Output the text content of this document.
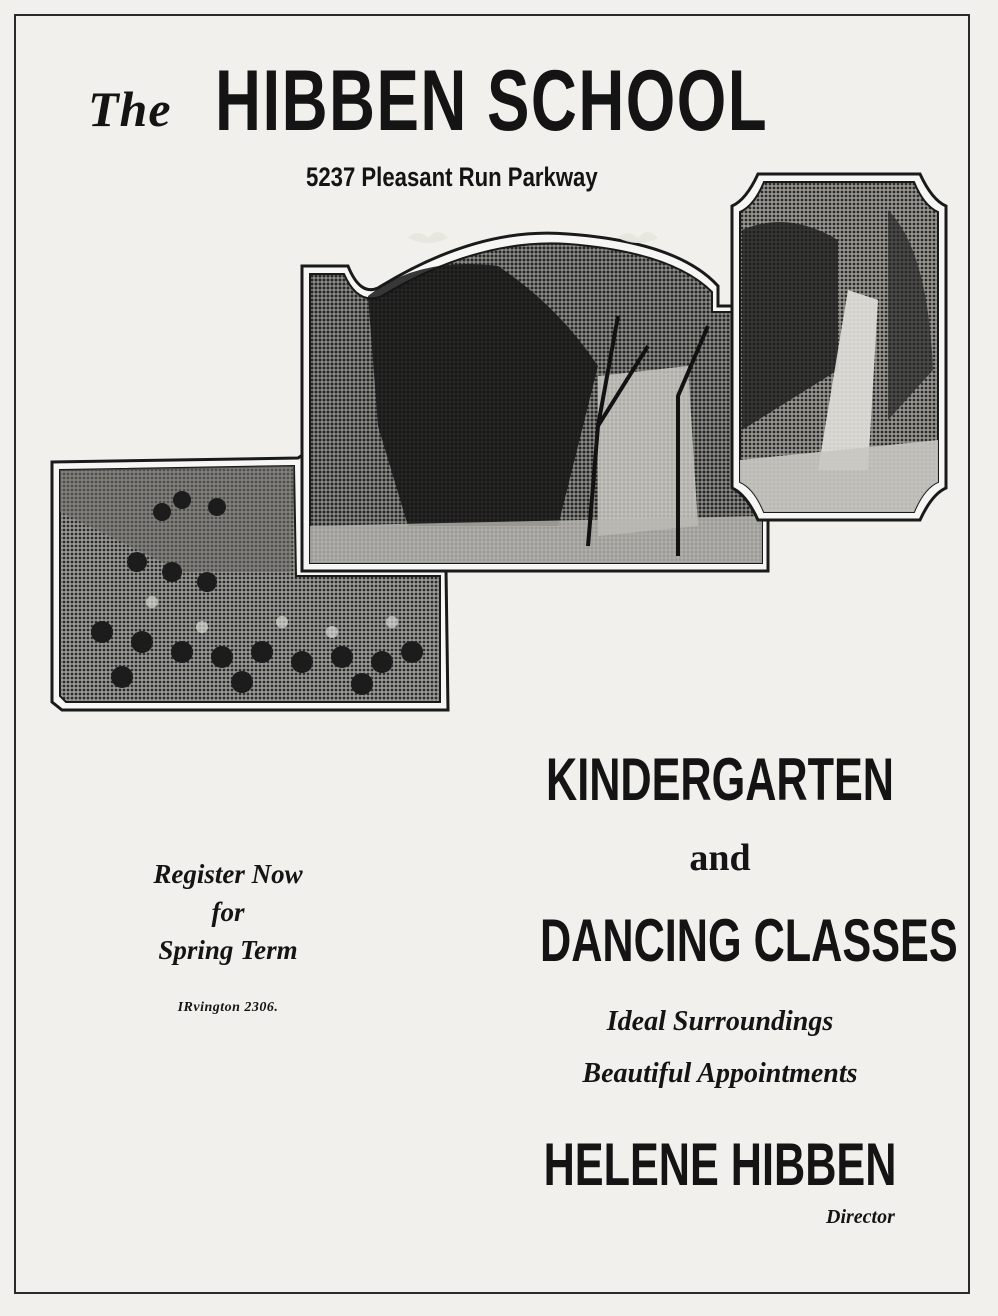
The HIBBEN SCHOOL
5237 Pleasant Run Parkway
Register Now
for
Spring Term
IRvington 2306.
KINDERGARTEN
and
DANCING CLASSES
Ideal Surroundings
Beautiful Appointments
HELENE HIBBEN
Director
